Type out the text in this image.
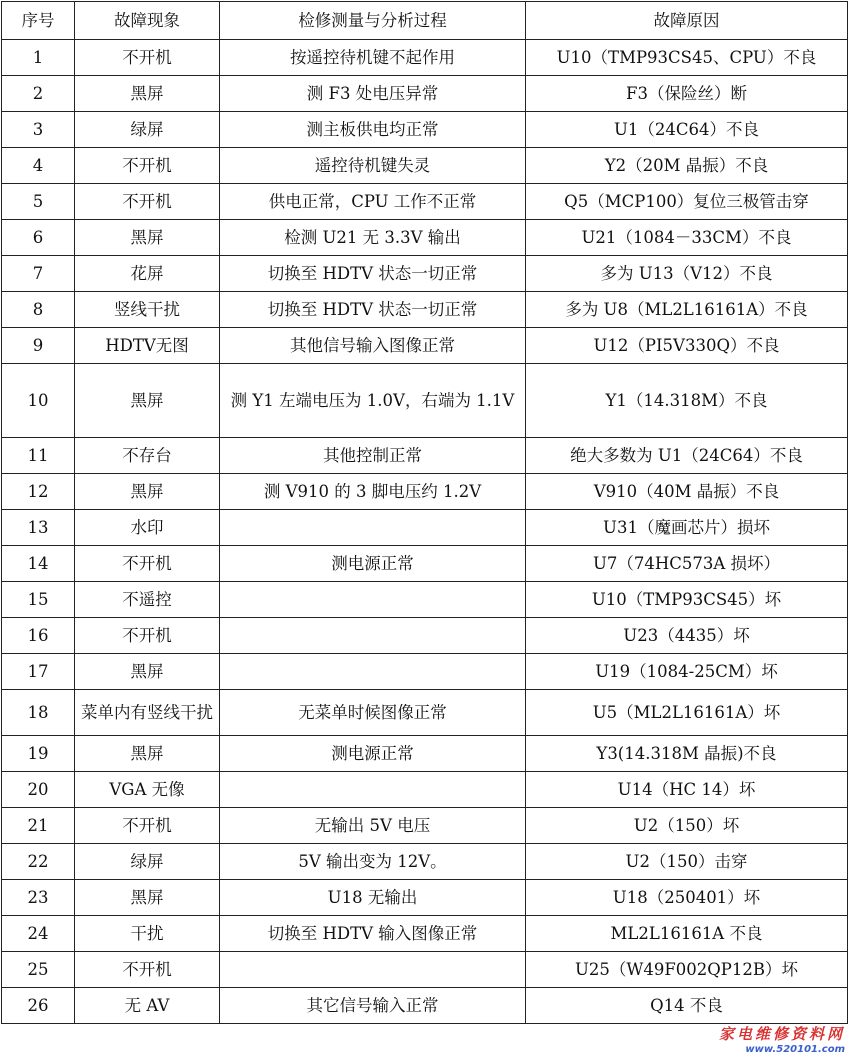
序号	故障现象	检修测量与分析过程	故障原因
1	不开机	按遥控待机键不起作用	U10（TMP93CS45、CPU）不良
2	黑屏	测 F3 处电压异常	F3（保险丝）断
3	绿屏	测主板供电均正常	U1（24C64）不良
4	不开机	遥控待机键失灵	Y2（20M 晶振）不良
5	不开机	供电正常，CPU 工作不正常	Q5（MCP100）复位三极管击穿
6	黑屏	检测 U21 无 3.3V 输出	U21（1084－33CM）不良
7	花屏	切换至 HDTV 状态一切正常	多为 U13（V12）不良
8	竖线干扰	切换至 HDTV 状态一切正常	多为 U8（ML2L16161A）不良
9	HDTV无图	其他信号输入图像正常	U12（PI5V330Q）不良
10	黑屏	测 Y1 左端电压为 1.0V，右端为 1.1V	Y1（14.318M）不良
11	不存台	其他控制正常	绝大多数为 U1（24C64）不良
12	黑屏	测 V910 的 3 脚电压约 1.2V	V910（40M 晶振）不良
13	水印		U31（魔画芯片）损坏
14	不开机	测电源正常	U7（74HC573A 损坏）
15	不遥控		U10（TMP93CS45）坏
16	不开机		U23（4435）坏
17	黑屏		U19（1084-25CM）坏
18	菜单内有竖线干扰	无菜单时候图像正常	U5（ML2L16161A）坏
19	黑屏	测电源正常	Y3(14.318M 晶振)不良
20	VGA 无像		U14（HC 14）坏
21	不开机	无输出 5V 电压	U2（150）坏
22	绿屏	5V 输出变为 12V。	U2（150）击穿
23	黑屏	U18 无输出	U18（250401）坏
24	干扰	切换至 HDTV 输入图像正常	ML2L16161A 不良
25	不开机		U25（W49F002QP12B）坏
26	无 AV	其它信号输入正常	Q14 不良
家电维修资料网
www.520101.com
